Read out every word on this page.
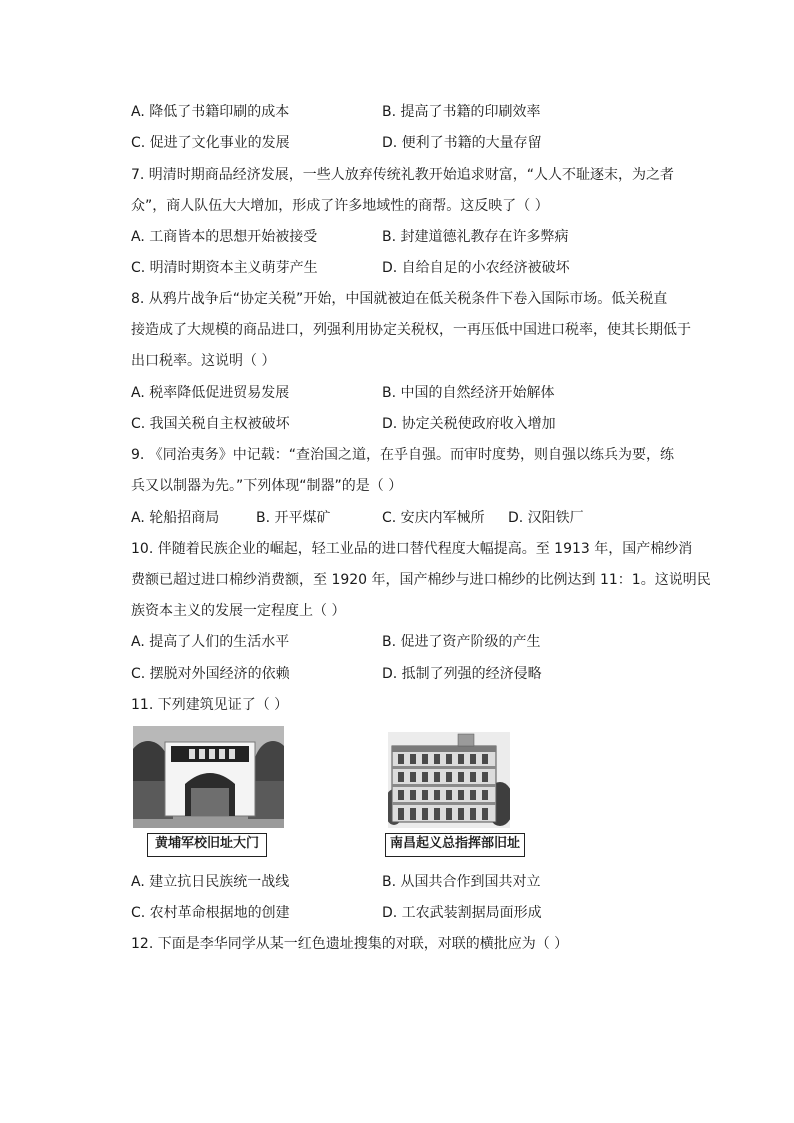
A. 降低了书籍印刷的成本	B. 提高了书籍的印刷效率
C. 促进了文化事业的发展	D. 便利了书籍的大量存留
7. 明清时期商品经济发展，一些人放弃传统礼教开始追求财富，“人人不耻逐末，为之者
众”，商人队伍大大增加，形成了许多地域性的商帮。这反映了（ ）
A. 工商皆本的思想开始被接受	B. 封建道德礼教存在许多弊病
C. 明清时期资本主义萌芽产生	D. 自给自足的小农经济被破坏
8. 从鸦片战争后“协定关税”开始，中国就被迫在低关税条件下卷入国际市场。低关税直
接造成了大规模的商品进口，列强利用协定关税权，一再压低中国进口税率，使其长期低于
出口税率。这说明（ ）
A. 税率降低促进贸易发展	B. 中国的自然经济开始解体
C. 我国关税自主权被破坏	D. 协定关税使政府收入增加
9. 《同治夷务》中记载：“查治国之道，在乎自强。而审时度势，则自强以练兵为要，练
兵又以制器为先。”下列体现“制器”的是（ ）
A. 轮船招商局	B. 开平煤矿	C. 安庆内军械所 D. 汉阳铁厂
10. 伴随着民族企业的崛起，轻工业品的进口替代程度大幅提高。至 1913 年，国产棉纱消
费额已超过进口棉纱消费额，至 1920 年，国产棉纱与进口棉纱的比例达到 11：1。这说明民
族资本主义的发展一定程度上（ ）
A. 提高了人们的生活水平	B. 促进了资产阶级的产生
C. 摆脱对外国经济的依赖	D. 抵制了列强的经济侵略
11. 下列建筑见证了（ ）
黄埔军校旧址大门	南昌起义总指挥部旧址
A. 建立抗日民族统一战线	B. 从国共合作到国共对立
C. 农村革命根据地的创建	D. 工农武装割据局面形成
12. 下面是李华同学从某一红色遗址搜集的对联，对联的横批应为（ ）
